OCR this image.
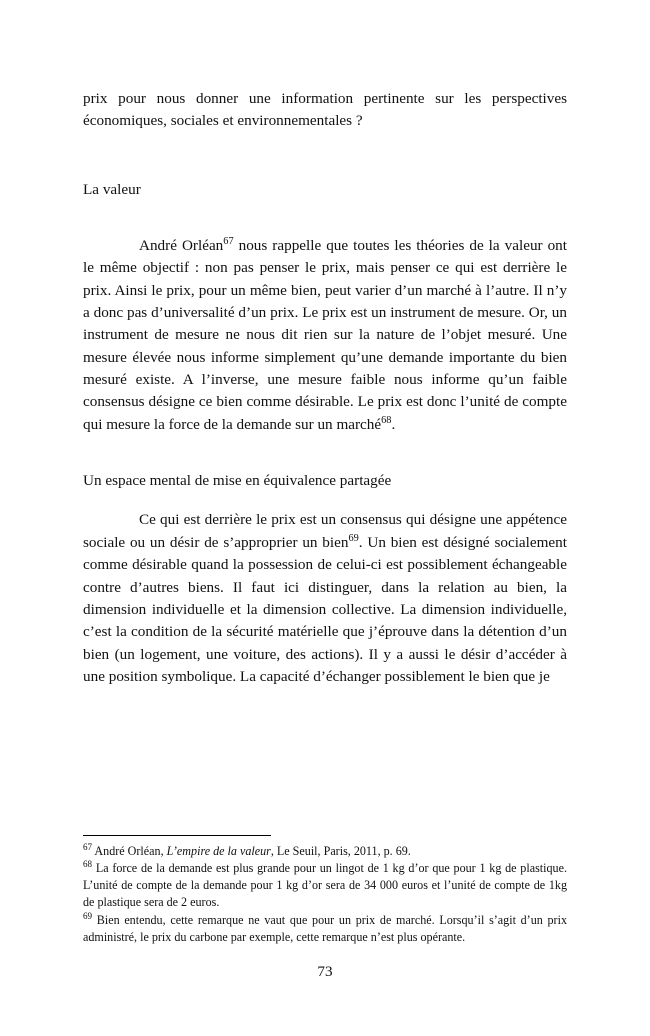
prix pour nous donner une information pertinente sur les perspectives économiques, sociales et environnementales ?

La valeur

André Orléan$^{67}$ nous rappelle que toutes les théories de la valeur ont le même objectif : non pas penser le prix, mais penser ce qui est derrière le prix. Ainsi le prix, pour un même bien, peut varier d’un marché à l’autre. Il n’y a donc pas d’universalité d’un prix. Le prix est un instrument de mesure. Or, un instrument de mesure ne nous dit rien sur la nature de l’objet mesuré. Une mesure élevée nous informe simplement qu’une demande importante du bien mesuré existe. A l’inverse, une mesure faible nous informe qu’un faible consensus désigne ce bien comme désirable. Le prix est donc l’unité de compte qui mesure la force de la demande sur un marché$^{68}$.

Un espace mental de mise en équivalence partagée

Ce qui est derrière le prix est un consensus qui désigne une appétence sociale ou un désir de s’approprier un bien$^{69}$. Un bien est désigné socialement comme désirable quand la possession de celui-ci est possiblement échangeable contre d’autres biens. Il faut ici distinguer, dans la relation au bien, la dimension individuelle et la dimension collective. La dimension individuelle, c’est la condition de la sécurité matérielle que j’éprouve dans la détention d’un bien (un logement, une voiture, des actions). Il y a aussi le désir d’accéder à une position symbolique. La capacité d’échanger possiblement le bien que je

$^{67}$ André Orléan, L’empire de la valeur, Le Seuil, Paris, 2011, p. 69.

$^{68}$ La force de la demande est plus grande pour un lingot de 1 kg d’or que pour 1 kg de plastique. L’unité de compte de la demande pour 1 kg d’or sera de 34 000 euros et l’unité de compte de 1kg de plastique sera de 2 euros.

$^{69}$ Bien entendu, cette remarque ne vaut que pour un prix de marché. Lorsqu’il s’agit d’un prix administré, le prix du carbone par exemple, cette remarque n’est plus opérante.

73
